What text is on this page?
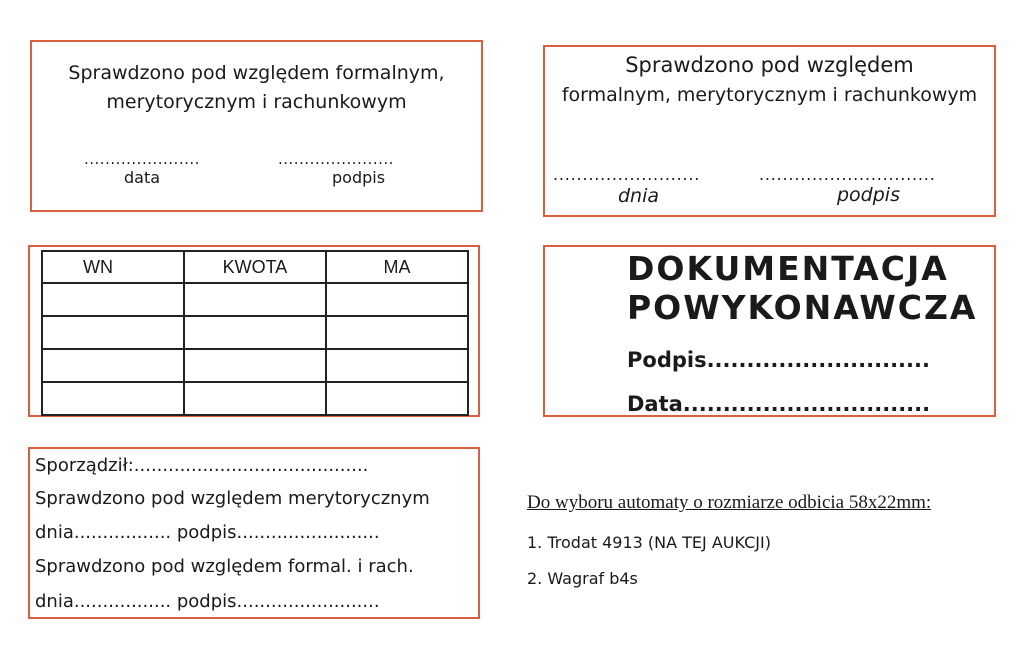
Sprawdzono pod względem formalnym,
merytorycznym i rachunkowym
......................	......................
data	podpis
Sprawdzono pod względem
formalnym, merytorycznym i rachunkowym
.........................	..............................
dnia	podpis
WN	KWOTA	MA

			DOKUMENTACJA
POWYKONAWCZA
Podpis............................
Data...............................
Sporządził:.........................................
Sprawdzono pod względem merytorycznym
dnia................. podpis.........................
Sprawdzono pod względem formal. i rach.
dnia................. podpis.........................
Do wyboru automaty o rozmiarze odbicia 58x22mm:
1. Trodat 4913 (NA TEJ AUKCJI)
2. Wagraf b4s
